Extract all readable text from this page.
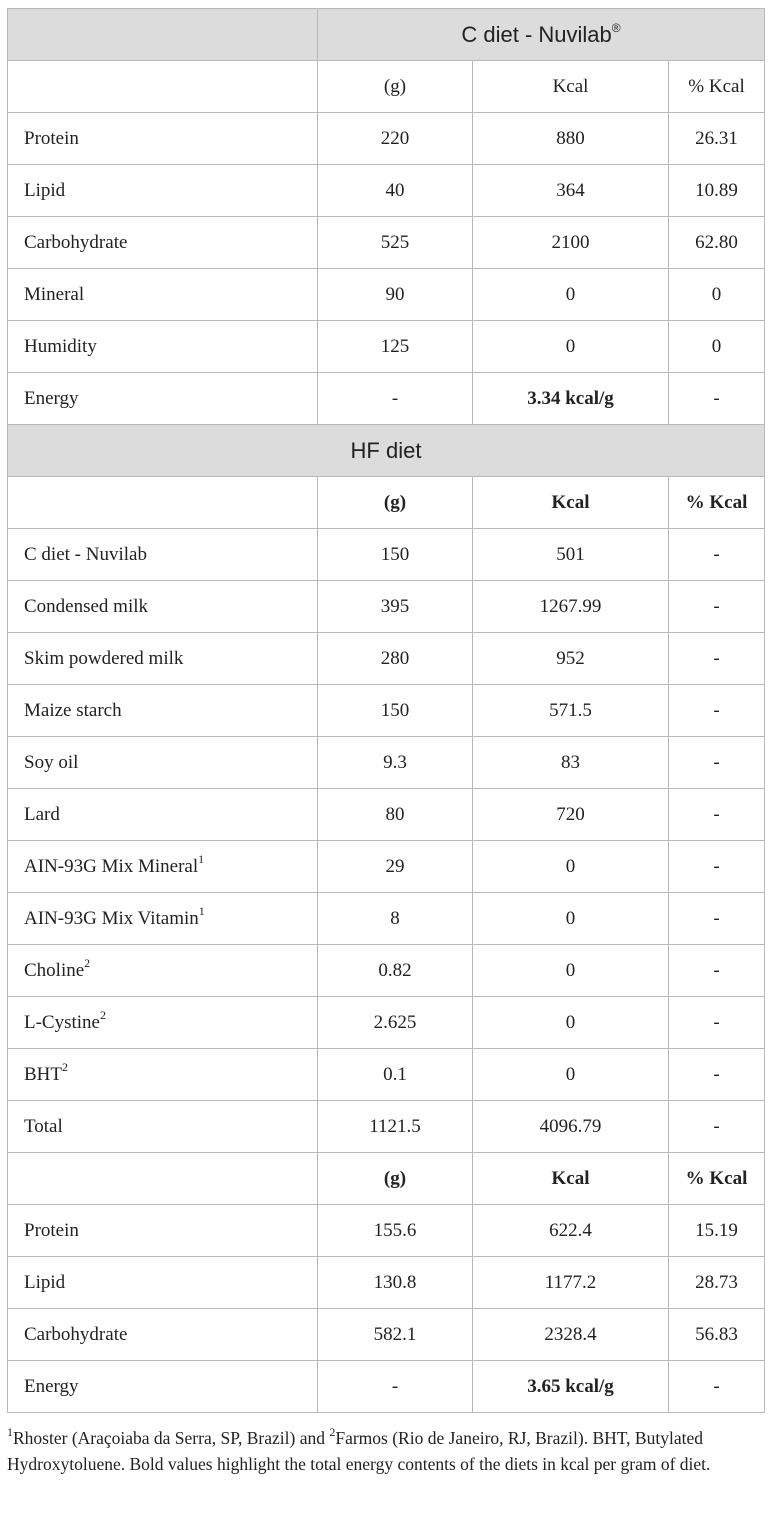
	C diet - Nuvilab®
	(g)	Kcal	% Kcal
Protein	220	880	26.31
Lipid	40	364	10.89
Carbohydrate	525	2100	62.80
Mineral	90	0	0
Humidity	125	0	0
Energy	-	3.34 kcal/g	-
HF diet			
	(g)	Kcal	% Kcal
C diet - Nuvilab	150	501	-
Condensed milk	395	1267.99	-
Skim powdered milk	280	952	-
Maize starch	150	571.5	-
Soy oil	9.3	83	-
Lard	80	720	-
AIN-93G Mix Mineral$^1$	29	0	-
AIN-93G Mix Vitamin$^1$	8	0	-
Choline$^2$	0.82	0	-
L-Cystine$^2$	2.625	0	-
BHT$^2$	0.1	0	-
Total	1121.5	4096.79	-
	(g)	Kcal	% Kcal
Protein	155.6	622.4	15.19
Lipid	130.8	1177.2	28.73
Carbohydrate	582.1	2328.4	56.83
Energy	-	3.65 kcal/g	-

$^1$Rhoster (Araçoiaba da Serra, SP, Brazil) and $^2$Farmos (Rio de Janeiro, RJ, Brazil). BHT, Butylated Hydroxytoluene. Bold values highlight the total energy contents of the diets in kcal per gram of diet.
